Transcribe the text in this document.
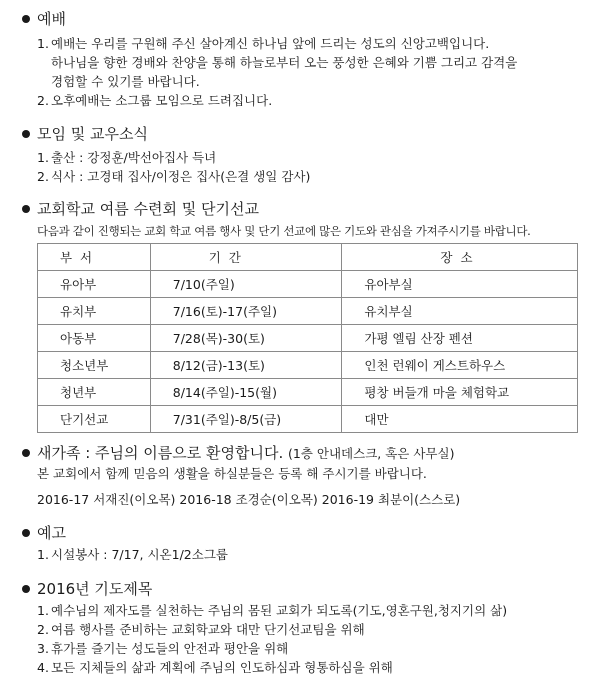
예배
1. 예배는 우리를 구원해 주신 살아계신 하나님 앞에 드리는 성도의 신앙고백입니다.
하나님을 향한 경배와 찬양을 통해 하늘로부터 오는 풍성한 은혜와 기쁨 그리고 감격을
경험할 수 있기를 바랍니다.
2. 오후예배는 소그룹 모임으로 드려집니다.
모임 및 교우소식
1. 출산 : 강정훈/박선아집사 득녀
2. 식사 : 고경태 집사/이정은 집사(은결 생일 감사)
교회학교 여름 수련회 및 단기선교
다음과 같이 진행되는 교회 학교 여름 행사 및 단기 선교에 많은 기도와 관심을 가져주시기를 바랍니다.
부 서	기 간	장 소
유아부	7/10(주일)	유아부실
유치부	7/16(토)-17(주일)	유치부실
아동부	7/28(목)-30(토)	가평 엘림 산장 펜션
청소년부	8/12(금)-13(토)	인천 런웨이 게스트하우스
청년부	8/14(주일)-15(월)	평창 버들개 마을 체험학교
단기선교	7/31(주일)-8/5(금)	대만
새가족 : 주님의 이름으로 환영합니다. (1층 안내데스크, 혹은 사무실)
본 교회에서 함께 믿음의 생활을 하실분들은 등록 해 주시기를 바랍니다.
2016-17 서재진(이오목) 2016-18 조경순(이오목) 2016-19 최분이(스스로)
예고
1. 시설봉사 : 7/17, 시온1/2소그룹
2016년 기도제목
1. 예수님의 제자도를 실천하는 주님의 몸된 교회가 되도록(기도,영혼구원,청지기의 삶)
2. 여름 행사를 준비하는 교회학교와 대만 단기선교팀을 위해
3. 휴가를 즐기는 성도들의 안전과 평안을 위해
4. 모든 지체들의 삶과 계획에 주님의 인도하심과 형통하심을 위해
